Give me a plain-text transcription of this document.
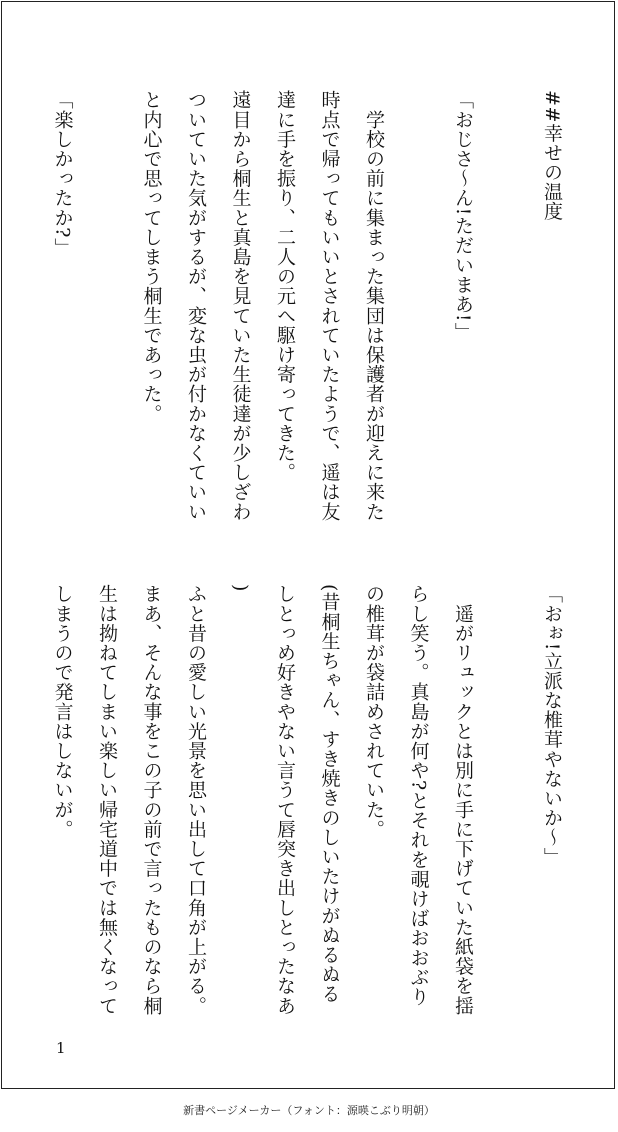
##幸せの温度

「おじさ〜ん!ただいまあ!」

　学校の前に集まった集団は保護者が迎えに来た
時点で帰ってもいいとされていたようで、遥は友
達に手を振り、二人の元へ駆け寄ってきた。
遠目から桐生と真島を見ていた生徒達が少しざわ
ついていた気がするが、変な虫が付かなくていい
と内心で思ってしまう桐生であった。

「楽しかったか?」

「おぉ!立派な椎茸やないか〜」

　遥がリュックとは別に手に下げていた紙袋を揺
らし笑う。真島が何や?とそれを覗けばおおぶり
の椎茸が袋詰めされていた。
(昔桐生ちゃん、すき焼きのしいたけがぬるぬる
しとっめ好きやない言うて唇突き出しとったなあ
)
ふと昔の愛しい光景を思い出して口角が上がる。
まあ、そんな事をこの子の前で言ったものなら桐
生は拗ねてしまい楽しい帰宅道中では無くなって
しまうので発言はしないが。

1
新書ページメーカー（フォント：源暎こぶり明朝）
